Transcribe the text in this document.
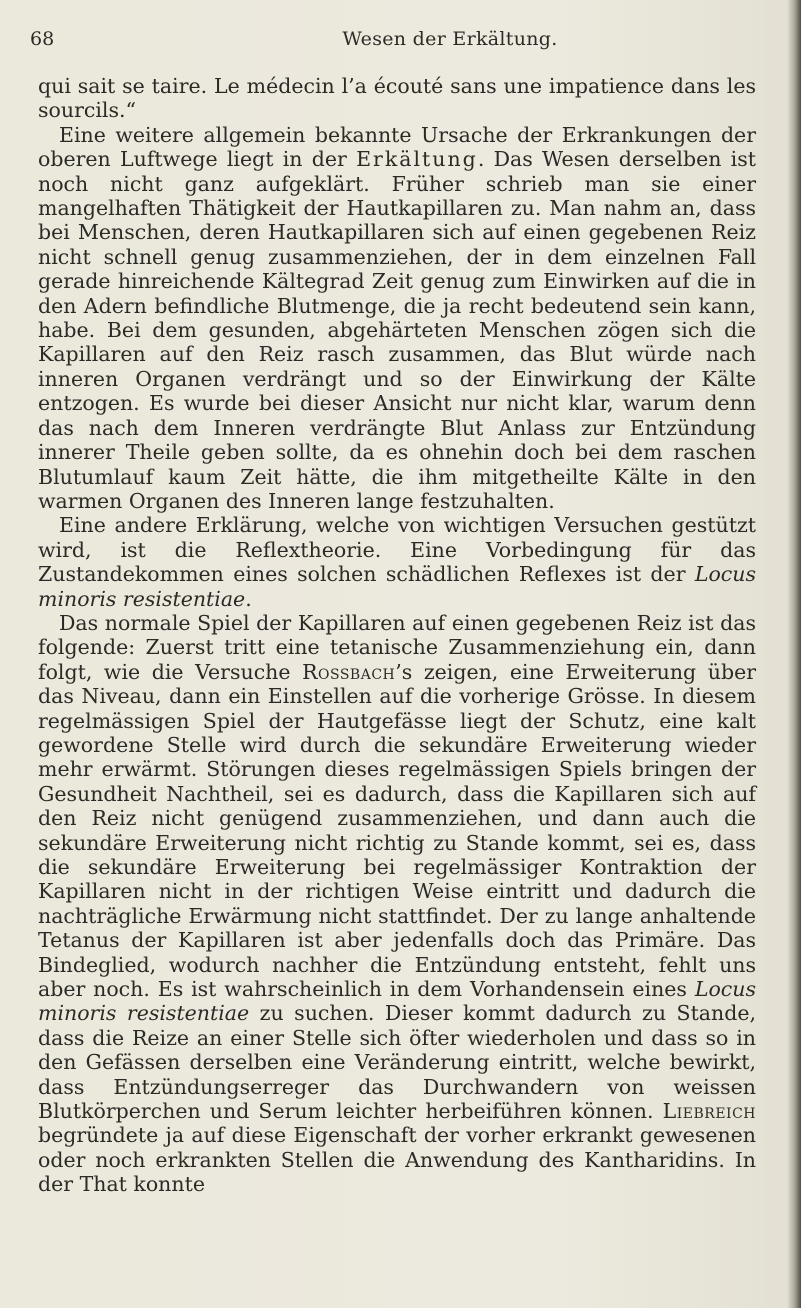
68	Wesen der Erkältung.

qui sait se taire. Le médecin l’a écouté sans une impatience dans les sourcils.“

Eine weitere allgemein bekannte Ursache der Erkrankungen der oberen Luftwege liegt in der Erkältung. Das Wesen derselben ist noch nicht ganz aufgeklärt. Früher schrieb man sie einer mangelhaften Thätigkeit der Hautkapillaren zu. Man nahm an, dass bei Menschen, deren Hautkapillaren sich auf einen gegebenen Reiz nicht schnell genug zusammenziehen, der in dem einzelnen Fall gerade hinreichende Kältegrad Zeit genug zum Einwirken auf die in den Adern befindliche Blutmenge, die ja recht bedeutend sein kann, habe. Bei dem gesunden, abgehärteten Menschen zögen sich die Kapillaren auf den Reiz rasch zusammen, das Blut würde nach inneren Organen verdrängt und so der Einwirkung der Kälte entzogen. Es wurde bei dieser Ansicht nur nicht klar, warum denn das nach dem Inneren verdrängte Blut Anlass zur Entzündung innerer Theile geben sollte, da es ohnehin doch bei dem raschen Blutumlauf kaum Zeit hätte, die ihm mitgetheilte Kälte in den warmen Organen des Inneren lange festzuhalten.

Eine andere Erklärung, welche von wichtigen Versuchen gestützt wird, ist die Reflextheorie. Eine Vorbedingung für das Zustandekommen eines solchen schädlichen Reflexes ist der Locus minoris resistentiae.

Das normale Spiel der Kapillaren auf einen gegebenen Reiz ist das folgende: Zuerst tritt eine tetanische Zusammenziehung ein, dann folgt, wie die Versuche Rossbach’s zeigen, eine Erweiterung über das Niveau, dann ein Einstellen auf die vorherige Grösse. In diesem regelmässigen Spiel der Hautgefässe liegt der Schutz, eine kalt gewordene Stelle wird durch die sekundäre Erweiterung wieder mehr erwärmt. Störungen dieses regelmässigen Spiels bringen der Gesundheit Nachtheil, sei es dadurch, dass die Kapillaren sich auf den Reiz nicht genügend zusammenziehen, und dann auch die sekundäre Erweiterung nicht richtig zu Stande kommt, sei es, dass die sekundäre Erweiterung bei regelmässiger Kontraktion der Kapillaren nicht in der richtigen Weise eintritt und dadurch die nachträgliche Erwärmung nicht stattfindet. Der zu lange anhaltende Tetanus der Kapillaren ist aber jedenfalls doch das Primäre. Das Bindeglied, wodurch nachher die Entzündung entsteht, fehlt uns aber noch. Es ist wahrscheinlich in dem Vorhandensein eines Locus minoris resistentiae zu suchen. Dieser kommt dadurch zu Stande, dass die Reize an einer Stelle sich öfter wiederholen und dass so in den Gefässen derselben eine Veränderung eintritt, welche bewirkt, dass Entzündungserreger das Durchwandern von weissen Blutkörperchen und Serum leichter herbeiführen können. Liebreich begründete ja auf diese Eigenschaft der vorher erkrankt gewesenen oder noch erkrankten Stellen die Anwendung des Kantharidins. In der That konnte
